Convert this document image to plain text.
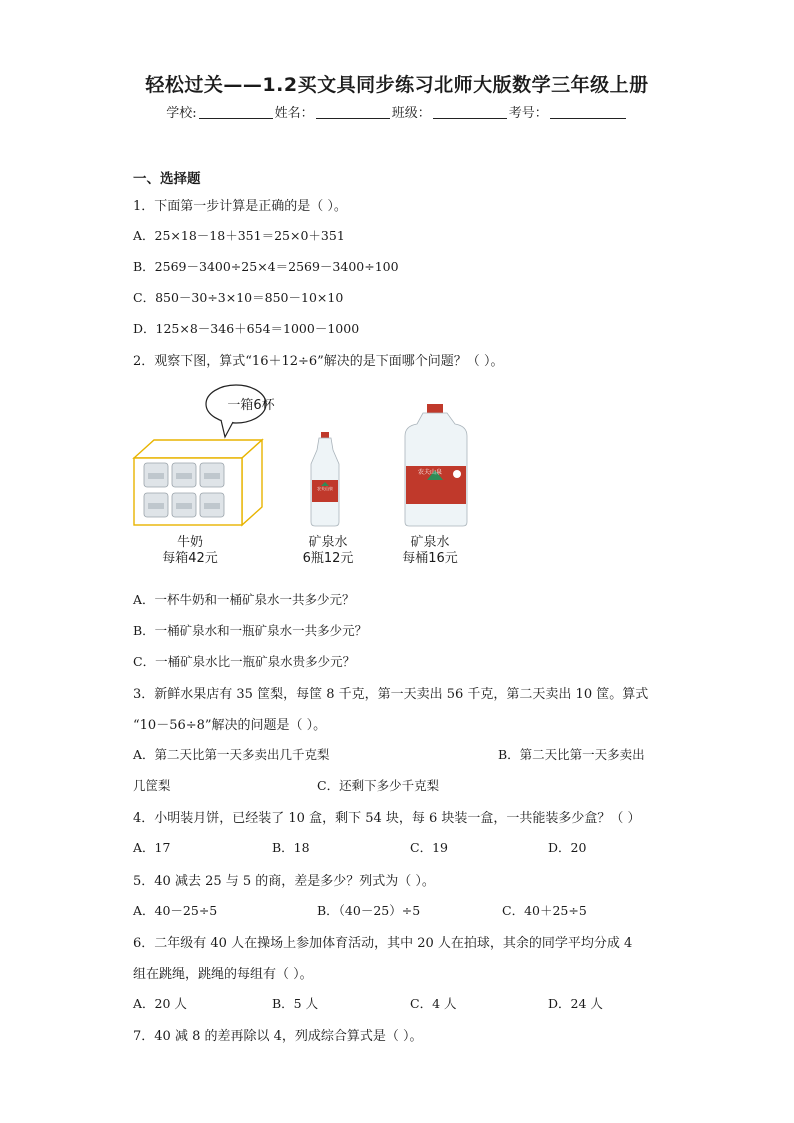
轻松过关——1.2买文具同步练习北师大版数学三年级上册
学校:	姓名：	班级：	考号：
一、选择题
1．下面第一步计算是正确的是（ ）。
A．25×18－18＋351＝25×0＋351
B．2569－3400÷25×4＝2569－3400÷100
C．850－30÷3×10＝850－10×10
D．125×8－346＋654＝1000－1000
2．观察下图，算式“16＋12÷6”解决的是下面哪个问题？（ ）。
一箱6杯
农夫山泉
农夫山泉
牛奶
每箱42元
矿泉水
6瓶12元
矿泉水
每桶16元
A．一杯牛奶和一桶矿泉水一共多少元？
B．一桶矿泉水和一瓶矿泉水一共多少元？
C．一桶矿泉水比一瓶矿泉水贵多少元？
3．新鲜水果店有 35 筐梨，每筐 8 千克，第一天卖出 56 千克，第二天卖出 10 筐。算式
“10－56÷8”解决的问题是（ ）。
A．第二天比第一天多卖出几千克梨	B．第二天比第一天多卖出
几筐梨	C．还剩下多少千克梨
4．小明装月饼，已经装了 10 盒，剩下 54 块，每 6 块装一盒，一共能装多少盒？（ ）
A．17	B．18	C．19	D．20
5．40 减去 25 与 5 的商，差是多少？列式为（ ）。
A．40－25÷5	B．（40－25）÷5	C．40＋25÷5
6．二年级有 40 人在操场上参加体育活动，其中 20 人在拍球，其余的同学平均分成 4
组在跳绳，跳绳的每组有（ ）。
A．20 人	B．5 人	C．4 人	D．24 人
7．40 减 8 的差再除以 4，列成综合算式是（ ）。
